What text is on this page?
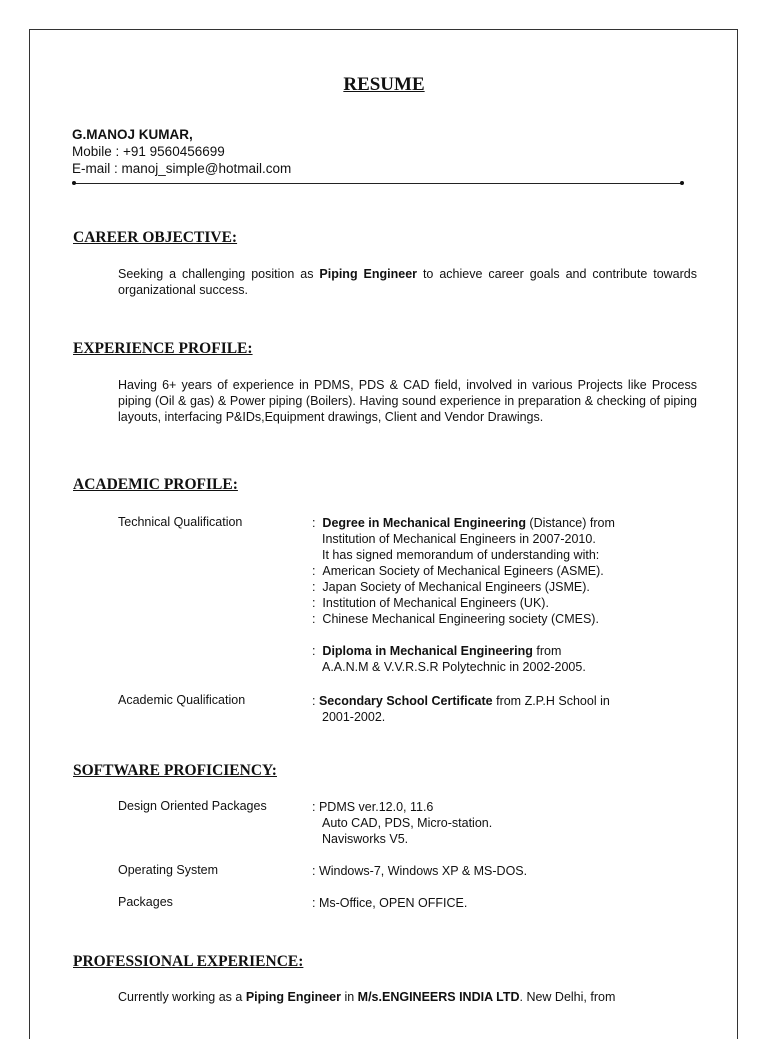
RESUME
G.MANOJ KUMAR,
Mobile : +91 9560456699
E-mail : manoj_simple@hotmail.com
CAREER OBJECTIVE:
Seeking a challenging position as Piping Engineer to achieve career goals and contribute towards organizational success.
EXPERIENCE PROFILE:
Having 6+ years of experience in PDMS, PDS & CAD field, involved in various Projects like Process piping (Oil & gas) & Power piping (Boilers). Having sound experience in preparation & checking of piping layouts, interfacing P&IDs,Equipment drawings, Client and Vendor Drawings.
ACADEMIC PROFILE:
Technical Qualification	:  Degree in Mechanical Engineering (Distance) from
Institution of Mechanical Engineers in 2007-2010.
It has signed memorandum of understanding with:
:  American Society of Mechanical Egineers (ASME).
:  Japan Society of Mechanical Engineers (JSME).
:  Institution of Mechanical Engineers (UK).
:  Chinese Mechanical Engineering society (CMES).
:  Diploma in Mechanical Engineering from
A.A.N.M & V.V.R.S.R Polytechnic in 2002-2005.
Academic Qualification	: Secondary School Certificate from Z.P.H School in
2001-2002.
SOFTWARE PROFICIENCY:
Design Oriented Packages	: PDMS ver.12.0, 11.6
Auto CAD, PDS, Micro-station.
Navisworks V5.
Operating System	: Windows-7, Windows XP & MS-DOS.
Packages	: Ms-Office, OPEN OFFICE.
PROFESSIONAL EXPERIENCE:
Currently working as a Piping Engineer in M/s.ENGINEERS INDIA LTD. New Delhi, from
